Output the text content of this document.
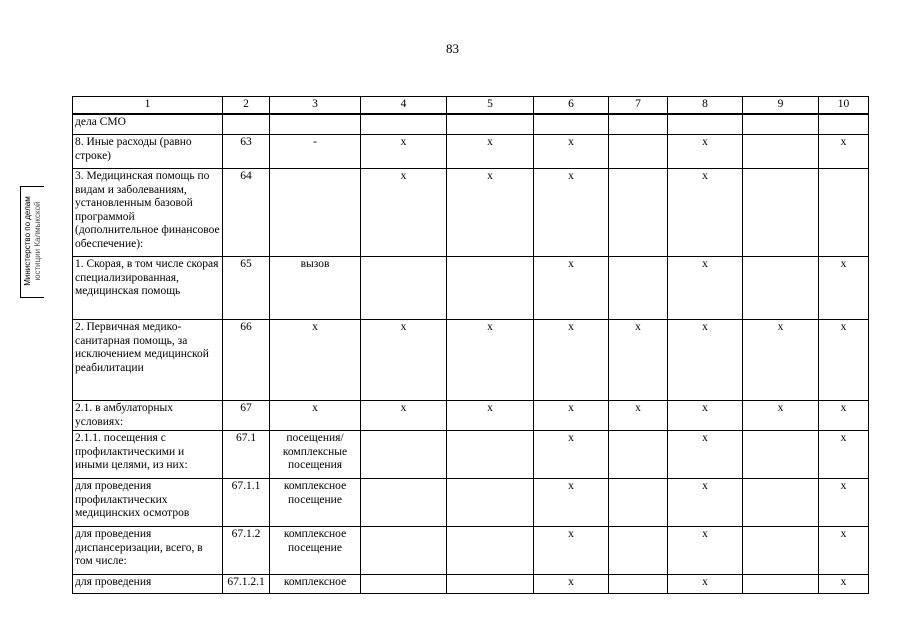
83
Министерство по делам юстиции Калмыкской
1	2	3	4	5	6	7	8	9	10
дела СМО									
8. Иные расходы (равно строке)	63	-	х	х	х		х		х
3. Медицинская помощь по видам и заболеваниям, установленным базовой программой (дополнительное финансовое обеспечение):	64		х	х	х		х		
1. Скорая, в том числе скорая специализированная, медицинская помощь	65	вызов			х		х		х
2. Первичная медико-санитарная помощь, за исключением медицинской реабилитации	66	х	х	х	х	х	х	х	х
2.1. в амбулаторных условиях:	67	х	х	х	х	х	х	х	х
2.1.1. посещения с профилактическими и иными целями, из них:	67.1	посещения/ комплексные посещения			х		х		х
для проведения профилактических медицинских осмотров	67.1.1	комплексное посещение			х		х		х
для проведения диспансеризации, всего, в том числе:	67.1.2	комплексное посещение			х		х		х
для проведения	67.1.2.1	комплексное			х		х		х
